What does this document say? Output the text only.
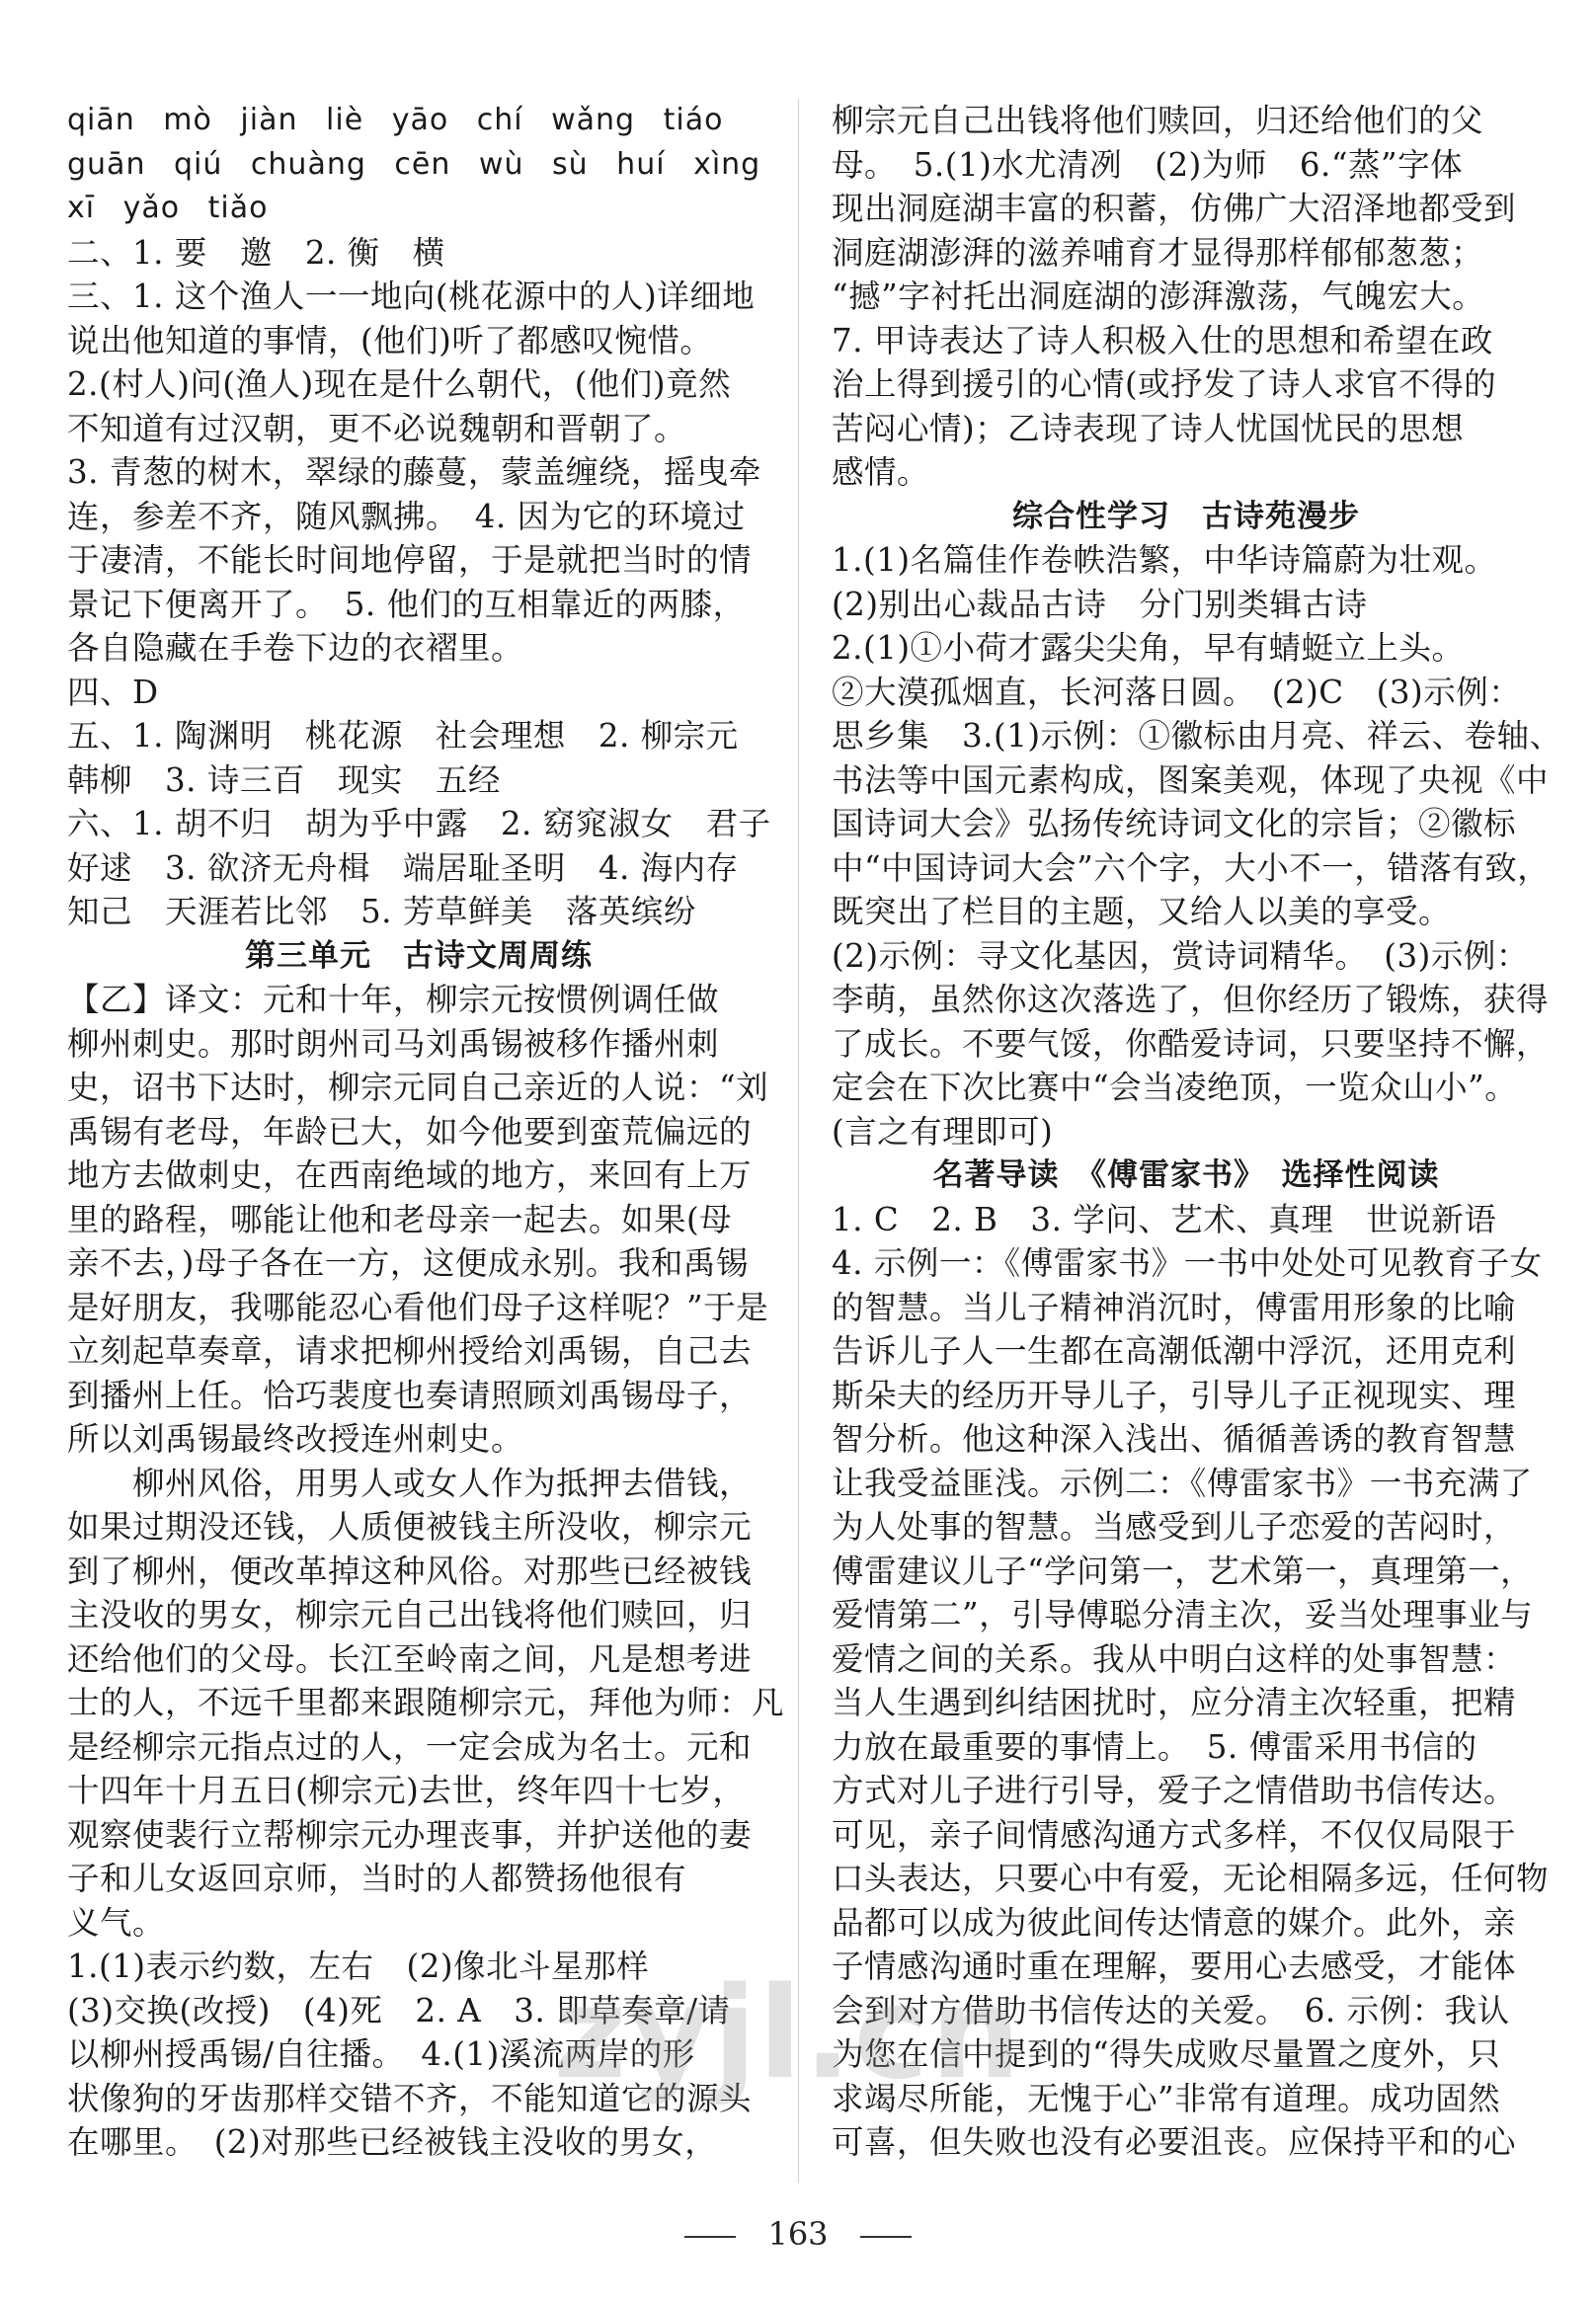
qiān mò jiàn liè yāo chí wǎng tiáo
guān qiú chuàng cēn wù sù huí xìng
xī yǎo tiǎo
二、1. 要　邀　2. 衡　横
三、1. 这个渔人一一地向(桃花源中的人)详细地
说出他知道的事情，(他们)听了都感叹惋惜。
2.(村人)问(渔人)现在是什么朝代，(他们)竟然
不知道有过汉朝，更不必说魏朝和晋朝了。
3. 青葱的树木，翠绿的藤蔓，蒙盖缠绕，摇曳牵
连，参差不齐，随风飘拂。　4. 因为它的环境过
于凄清，不能长时间地停留，于是就把当时的情
景记下便离开了。　5. 他们的互相靠近的两膝，
各自隐藏在手卷下边的衣褶里。
四、D
五、1. 陶渊明　桃花源　社会理想　2. 柳宗元
韩柳　3. 诗三百　现实　五经
六、1. 胡不归　胡为乎中露　2. 窈窕淑女　君子
好逑　3. 欲济无舟楫　端居耻圣明　4. 海内存
知己　天涯若比邻　5. 芳草鲜美　落英缤纷
第三单元　古诗文周周练
【乙】译文：元和十年，柳宗元按惯例调任做
柳州刺史。那时朗州司马刘禹锡被移作播州刺
史，诏书下达时，柳宗元同自己亲近的人说：“刘
禹锡有老母，年龄已大，如今他要到蛮荒偏远的
地方去做刺史，在西南绝域的地方，来回有上万
里的路程，哪能让他和老母亲一起去。如果(母
亲不去，)母子各在一方，这便成永别。我和禹锡
是好朋友，我哪能忍心看他们母子这样呢？”于是
立刻起草奏章，请求把柳州授给刘禹锡，自己去
到播州上任。恰巧裴度也奏请照顾刘禹锡母子，
所以刘禹锡最终改授连州刺史。
柳州风俗，用男人或女人作为抵押去借钱，
如果过期没还钱，人质便被钱主所没收，柳宗元
到了柳州，便改革掉这种风俗。对那些已经被钱
主没收的男女，柳宗元自己出钱将他们赎回，归
还给他们的父母。长江至岭南之间，凡是想考进
士的人，不远千里都来跟随柳宗元，拜他为师：凡
是经柳宗元指点过的人，一定会成为名士。元和
十四年十月五日(柳宗元)去世，终年四十七岁，
观察使裴行立帮柳宗元办理丧事，并护送他的妻
子和儿女返回京师，当时的人都赞扬他很有
义气。
1.(1)表示约数，左右　(2)像北斗星那样
(3)交换(改授)　(4)死　2. A　3. 即草奏章/请
以柳州授禹锡/自往播。　4.(1)溪流两岸的形
状像狗的牙齿那样交错不齐，不能知道它的源头
在哪里。　(2)对那些已经被钱主没收的男女，
柳宗元自己出钱将他们赎回，归还给他们的父
母。　5.(1)水尤清冽　(2)为师　6.“蒸”字体
现出洞庭湖丰富的积蓄，仿佛广大沼泽地都受到
洞庭湖澎湃的滋养哺育才显得那样郁郁葱葱；
“撼”字衬托出洞庭湖的澎湃激荡，气魄宏大。
7. 甲诗表达了诗人积极入仕的思想和希望在政
治上得到援引的心情(或抒发了诗人求官不得的
苦闷心情)；乙诗表现了诗人忧国忧民的思想
感情。
综合性学习　古诗苑漫步
1.(1)名篇佳作卷帙浩繁，中华诗篇蔚为壮观。
(2)别出心裁品古诗　分门别类辑古诗
2.(1)①小荷才露尖尖角，早有蜻蜓立上头。
②大漠孤烟直，长河落日圆。　(2)C　(3)示例：
思乡集　3.(1)示例：①徽标由月亮、祥云、卷轴、
书法等中国元素构成，图案美观，体现了央视《中
国诗词大会》弘扬传统诗词文化的宗旨；②徽标
中“中国诗词大会”六个字，大小不一，错落有致，
既突出了栏目的主题，又给人以美的享受。
(2)示例：寻文化基因，赏诗词精华。　(3)示例：
李萌，虽然你这次落选了，但你经历了锻炼，获得
了成长。不要气馁，你酷爱诗词，只要坚持不懈，
定会在下次比赛中“会当凌绝顶，一览众山小”。
(言之有理即可)
名著导读　《傅雷家书》　选择性阅读
1. C　2. B　3. 学问、艺术、真理　世说新语
4. 示例一：《傅雷家书》一书中处处可见教育子女
的智慧。当儿子精神消沉时，傅雷用形象的比喻
告诉儿子人一生都在高潮低潮中浮沉，还用克利
斯朵夫的经历开导儿子，引导儿子正视现实、理
智分析。他这种深入浅出、循循善诱的教育智慧
让我受益匪浅。示例二：《傅雷家书》一书充满了
为人处事的智慧。当感受到儿子恋爱的苦闷时，
傅雷建议儿子“学问第一，艺术第一，真理第一，
爱情第二”，引导傅聪分清主次，妥当处理事业与
爱情之间的关系。我从中明白这样的处事智慧：
当人生遇到纠结困扰时，应分清主次轻重，把精
力放在最重要的事情上。　5. 傅雷采用书信的
方式对儿子进行引导，爱子之情借助书信传达。
可见，亲子间情感沟通方式多样，不仅仅局限于
口头表达，只要心中有爱，无论相隔多远，任何物
品都可以成为彼此间传达情意的媒介。此外，亲
子情感沟通时重在理解，要用心去感受，才能体
会到对方借助书信传达的关爱。　6. 示例：我认
为您在信中提到的“得失成败尽量置之度外，只
求竭尽所能，无愧于心”非常有道理。成功固然
可喜，但失败也没有必要沮丧。应保持平和的心
zyjl.cn
163
